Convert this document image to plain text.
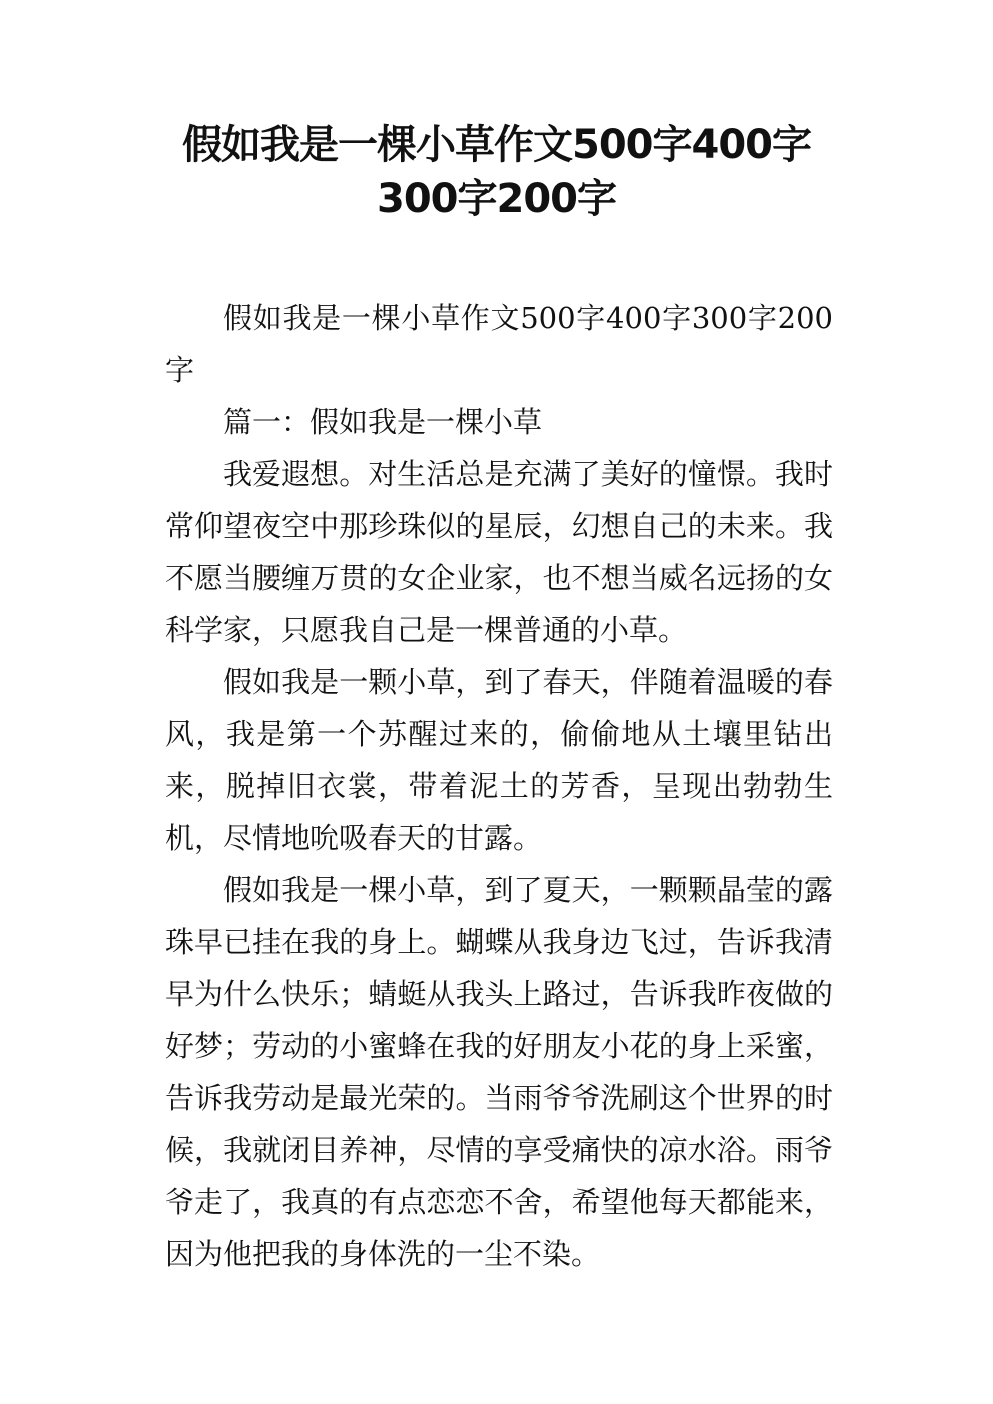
假如我是一棵小草作文500字400字
300字200字

假如我是一棵小草作文500字400字300字200字

篇一：假如我是一棵小草

我爱遐想。对生活总是充满了美好的憧憬。我时常仰望夜空中那珍珠似的星辰，幻想自己的未来。我不愿当腰缠万贯的女企业家，也不想当威名远扬的女科学家，只愿我自己是一棵普通的小草。

假如我是一颗小草，到了春天，伴随着温暖的春风，我是第一个苏醒过来的，偷偷地从土壤里钻出来，脱掉旧衣裳，带着泥土的芳香，呈现出勃勃生机，尽情地吮吸春天的甘露。

假如我是一棵小草，到了夏天，一颗颗晶莹的露珠早已挂在我的身上。蝴蝶从我身边飞过，告诉我清早为什么快乐；蜻蜓从我头上路过，告诉我昨夜做的好梦；劳动的小蜜蜂在我的好朋友小花的身上采蜜，告诉我劳动是最光荣的。当雨爷爷洗刷这个世界的时候，我就闭目养神，尽情的享受痛快的凉水浴。雨爷爷走了，我真的有点恋恋不舍，希望他每天都能来，因为他把我的身体洗的一尘不染。
